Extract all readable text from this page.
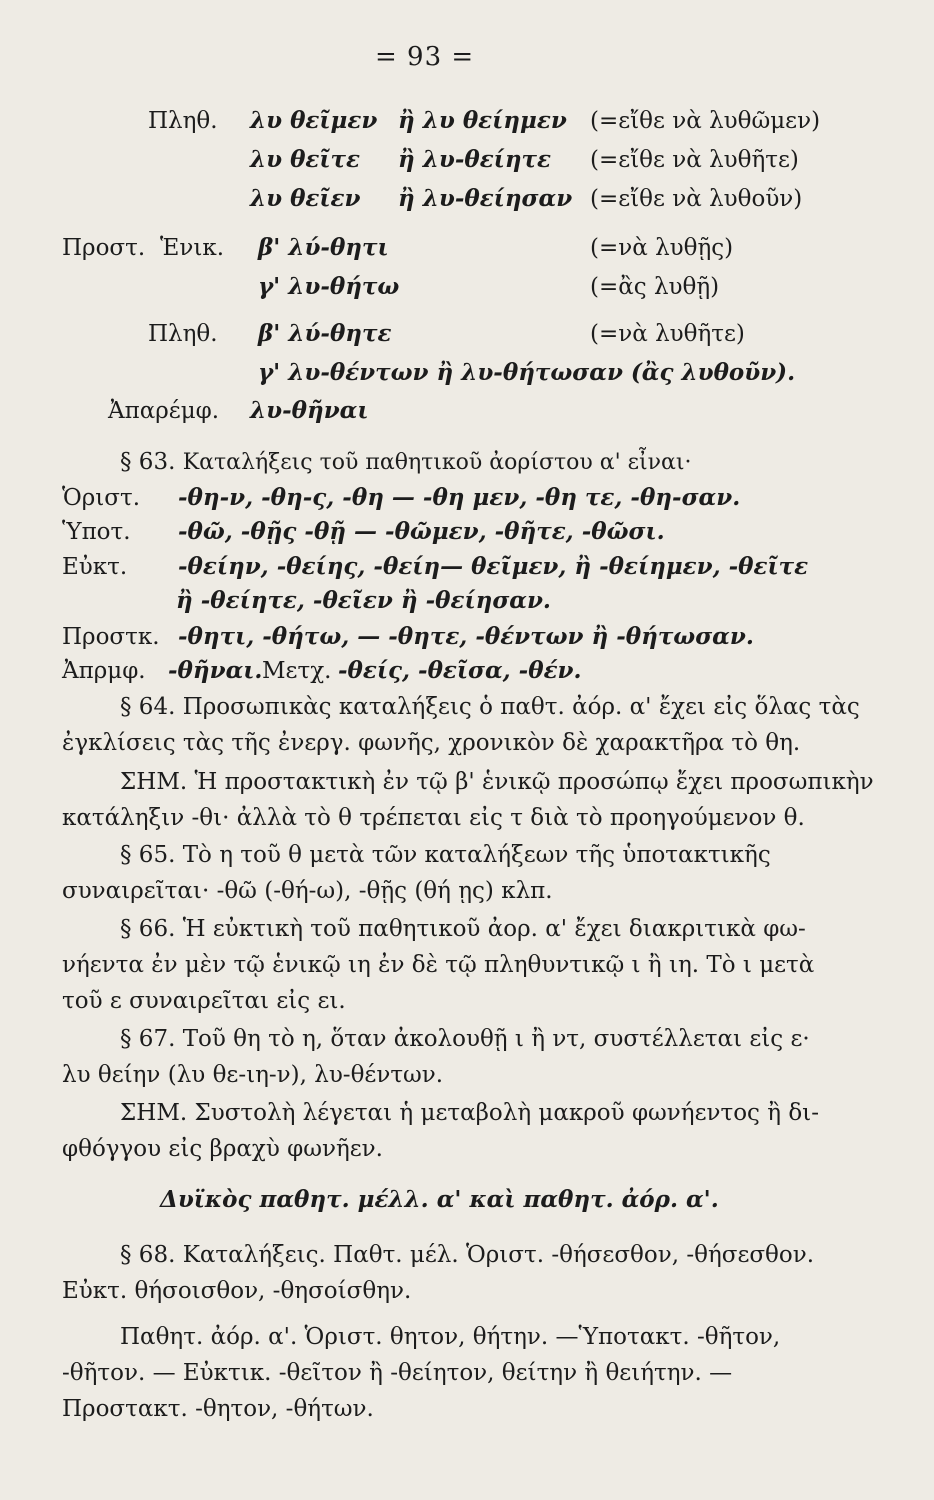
= 93 =
Πληθ. λυ θεῖμεν ἢ λυ θείημεν (=εἴθε νὰ λυθῶμεν)
λυ θεῖτε ἢ λυ-θείητε (=εἴθε νὰ λυθῆτε)
λυ θεῖεν ἢ λυ-θείησαν (=εἴθε νὰ λυθοῦν)
Προστ. Ἑνικ. β' λύ-θητι	(=νὰ λυθῇς)
γ' λυ-θήτω	(=ἂς λυθῇ)
Πληθ. β' λύ-θητε	(=νὰ λυθῆτε)
γ' λυ-θέντων ἢ λυ-θήτωσαν (ἂς λυθοῦν).
Ἀπαρέμφ. λυ-θῆναι
§ 63. Καταλήξεις τοῦ παθητικοῦ ἀορίστου α' εἶναι·
Ὁριστ. -θη-ν, -θη-ς, -θη — -θη μεν, -θη τε, -θη-σαν.
Ὑποτ. -θῶ, -θῇς -θῇ — -θῶμεν, -θῆτε, -θῶσι.
Εὐκτ. -θείην, -θείης, -θείη— θεῖμεν, ἢ -θείημεν, -θεῖτε
ἢ -θείητε, -θεῖεν ἢ -θείησαν.
Προστκ. -θητι, -θήτω, — -θητε, -θέντων ἢ -θήτωσαν.
Ἀπρμφ. -θῆναι. Μετχ. -θείς, -θεῖσα, -θέν.
§ 64. Προσωπικὰς καταλήξεις ὁ παθτ. ἀόρ. α' ἔχει εἰς ὅλας τὰς
ἐγκλίσεις τὰς τῆς ἐνεργ. φωνῆς, χρονικὸν δὲ χαρακτῆρα τὸ θη.
ΣΗΜ. Ἡ προστακτικὴ ἐν τῷ β' ἑνικῷ προσώπῳ ἔχει προσωπικὴν
κατάληξιν -θι· ἀλλὰ τὸ θ τρέπεται εἰς τ διὰ τὸ προηγούμενον θ.
§ 65. Τὸ η τοῦ θ μετὰ τῶν καταλήξεων τῆς ὑποτακτικῆς
συναιρεῖται· -θῶ (-θή-ω), -θῇς (θή ῃς) κλπ.
§ 66. Ἡ εὐκτικὴ τοῦ παθητικοῦ ἀορ. α' ἔχει διακριτικὰ φω-
νήεντα ἐν μὲν τῷ ἑνικῷ ιη ἐν δὲ τῷ πληθυντικῷ ι ἢ ιη. Τὸ ι μετὰ
τοῦ ε συναιρεῖται εἰς ει.
§ 67. Τοῦ θη τὸ η, ὅταν ἀκολουθῇ ι ἢ ντ, συστέλλεται εἰς ε·
λυ θείην (λυ θε-ιη-ν), λυ-θέντων.
ΣΗΜ. Συστολὴ λέγεται ἡ μεταβολὴ μακροῦ φωνήεντος ἢ δι-
φθόγγου εἰς βραχὺ φωνῆεν.
Δυϊκὸς παθητ. μέλλ. α' καὶ παθητ. ἀόρ. α'.
§ 68. Καταλήξεις. Παθτ. μέλ. Ὁριστ. -θήσεσθον, -θήσεσθον.
Εὐκτ. θήσοισθον, -θησοίσθην.
Παθητ. ἀόρ. α'. Ὁριστ. θητον, θήτην. —Ὑποτακτ. -θῆτον,
-θῆτον. — Εὐκτικ. -θεῖτον ἢ -θείητον, θείτην ἢ θειήτην. —
Προστακτ. -θητον, -θήτων.
